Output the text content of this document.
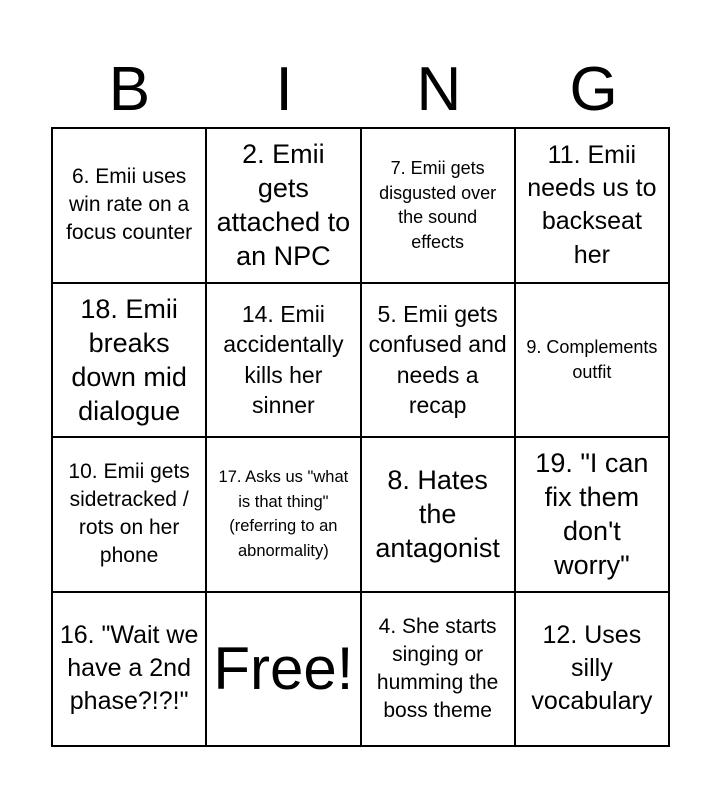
B	I	N	G
6. Emii uses win rate on a focus counter
2. Emii gets attached to an NPC
7. Emii gets disgusted over the sound effects
11. Emii needs us to backseat her
18. Emii breaks down mid dialogue
14. Emii accidentally kills her sinner
5. Emii gets confused and needs a recap
9. Complements outfit
10. Emii gets sidetracked / rots on her phone
17. Asks us "what is that thing" (referring to an abnormality)
8. Hates the antagonist
19. "I can fix them don't worry"
16. "Wait we have a 2nd phase?!?!" Free!
4. She starts singing or humming the boss theme
12. Uses silly vocabulary
